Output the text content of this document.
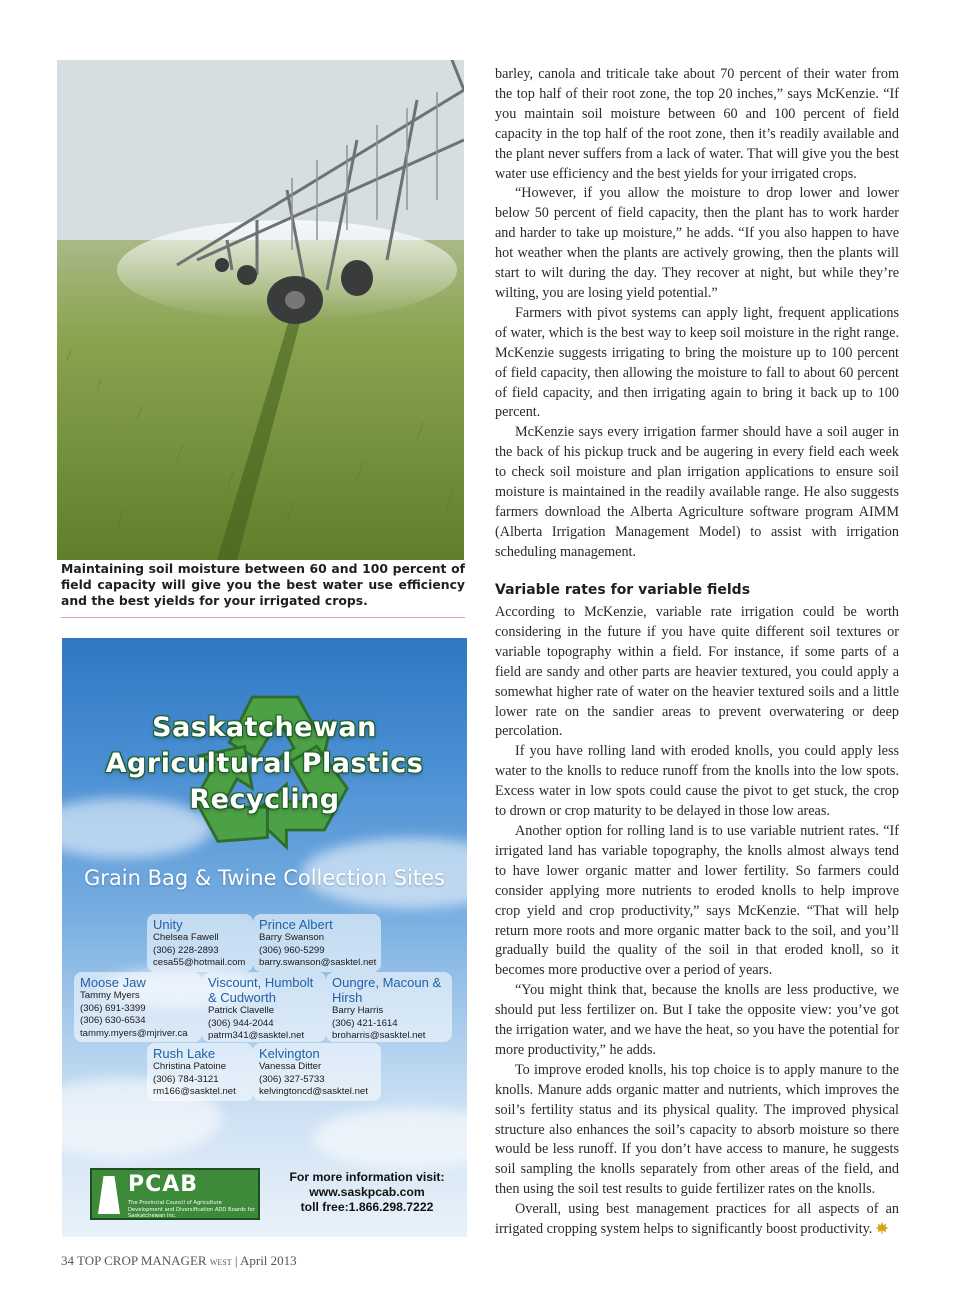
Maintaining soil moisture between 60 and 100 percent of field capacity will give you the best water use efficiency and the best yields for your irrigated crops.
Saskatchewan
Agricultural Plastics
Recycling
Grain Bag & Twine Collection Sites
Unity
Chelsea Fawell
(306) 228-2893
cesa55@hotmail.com
Prince Albert
Barry Swanson
(306) 960-5299
barry.swanson@sasktel.net
Moose Jaw
Tammy Myers
(306) 691-3399
(306) 630-6534
tammy.myers@mjriver.ca
Viscount, Humbolt & Cudworth
Patrick Clavelle
(306) 944-2044
patrm341@sasktel.net
Oungre, Macoun & Hirsh
Barry Harris
(306) 421-1614
broharris@sasktel.net
Rush Lake
Christina Patoine
(306) 784-3121
rm166@sasktel.net
Kelvington
Vanessa Ditter
(306) 327-5733
kelvingtoncd@sasktel.net
PCAB
The Provincial Council of Agriculture Development and Diversification ADD Boards for Saskatchewan Inc.
For more information visit:
www.saskpcab.com
toll free:1.866.298.7222

barley, canola and triticale take about 70 percent of their water from the top half of their root zone, the top 20 inches,” says McKenzie. “If you maintain soil moisture between 60 and 100 percent of field capacity in the top half of the root zone, then it’s readily available and the plant never suffers from a lack of water. That will give you the best water use efficiency and the best yields for your irrigated crops.

“However, if you allow the moisture to drop lower and lower below 50 percent of field capacity, then the plant has to work harder and harder to take up moisture,” he adds. “If you also happen to have hot weather when the plants are actively growing, then the plants will start to wilt during the day. They recover at night, but while they’re wilting, you are losing yield potential.”

Farmers with pivot systems can apply light, frequent applications of water, which is the best way to keep soil moisture in the right range. McKenzie suggests irrigating to bring the moisture up to 100 percent of field capacity, then allowing the moisture to fall to about 60 percent of field capacity, and then irrigating again to bring it back up to 100 percent.

McKenzie says every irrigation farmer should have a soil auger in the back of his pickup truck and be augering in every field each week to check soil moisture and plan irrigation applications to ensure soil moisture is maintained in the readily available range. He also suggests farmers download the Alberta Agriculture software program AIMM (Alberta Irrigation Management Model) to assist with irrigation scheduling management.

Variable rates for variable fields

According to McKenzie, variable rate irrigation could be worth considering in the future if you have quite different soil textures or variable topography within a field. For instance, if some parts of a field are sandy and other parts are heavier textured, you could apply a somewhat higher rate of water on the heavier textured soils and a little lower rate on the sandier areas to prevent overwatering or deep percolation.

If you have rolling land with eroded knolls, you could apply less water to the knolls to reduce runoff from the knolls into the low spots. Excess water in low spots could cause the pivot to get stuck, the crop to drown or crop maturity to be delayed in those low areas.

Another option for rolling land is to use variable nutrient rates. “If irrigated land has variable topography, the knolls almost always tend to have lower organic matter and lower fertility. So farmers could consider applying more nutrients to eroded knolls to help improve crop yield and crop productivity,” says McKenzie. “That will help return more roots and more organic matter back to the soil, and you’ll gradually build the quality of the soil in that eroded knoll, so it becomes more productive over a period of years.

“You might think that, because the knolls are less productive, we should put less fertilizer on. But I take the opposite view: you’ve got the irrigation water, and we have the heat, so you have the potential for more productivity,” he adds.

To improve eroded knolls, his top choice is to apply manure to the knolls. Manure adds organic matter and nutrients, which improves the soil’s fertility status and its physical quality. The improved physical structure also enhances the soil’s capacity to absorb moisture so there would be less runoff. If you don’t have access to manure, he suggests soil sampling the knolls separately from other areas of the field, and then using the soil test results to guide fertilizer rates on the knolls.

Overall, using best management practices for all aspects of an irrigated cropping system helps to significantly boost productivity.

34 TOP CROP MANAGER west | April 2013
